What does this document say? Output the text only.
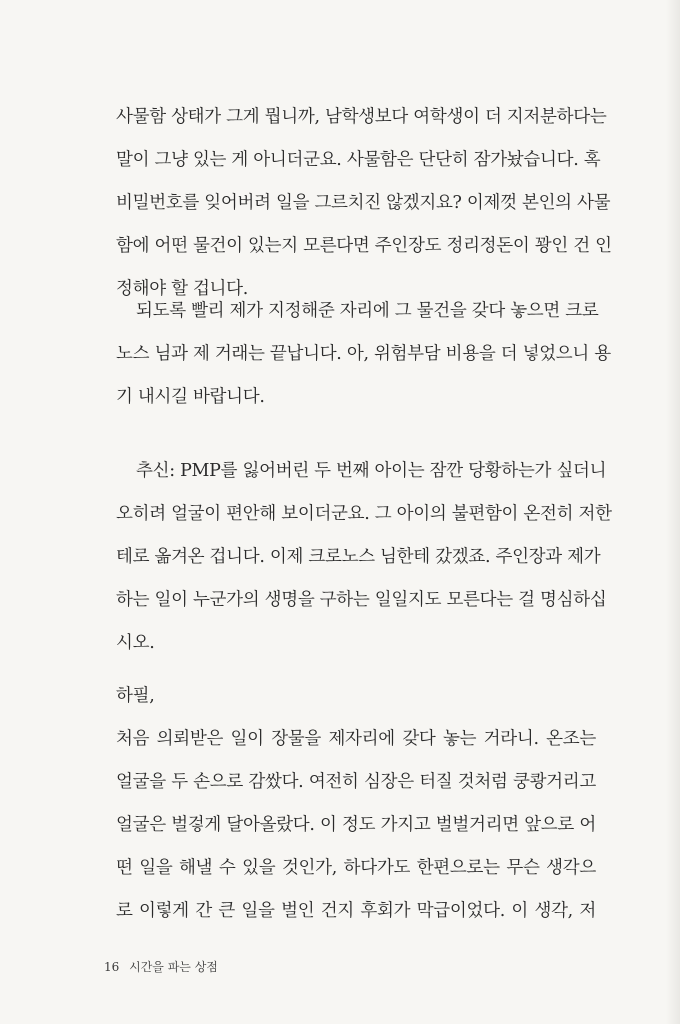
사물함 상태가 그게 뭡니까, 남학생보다 여학생이 더 지저분하다는
말이 그냥 있는 게 아니더군요. 사물함은 단단히 잠가놨습니다. 혹
비밀번호를 잊어버려 일을 그르치진 않겠지요? 이제껏 본인의 사물
함에 어떤 물건이 있는지 모른다면 주인장도 정리정돈이 꽝인 건 인
정해야 할 겁니다.
되도록 빨리 제가 지정해준 자리에 그 물건을 갖다 놓으면 크로
노스 님과 제 거래는 끝납니다. 아, 위험부담 비용을 더 넣었으니 용
기 내시길 바랍니다.
추신: PMP를 잃어버린 두 번째 아이는 잠깐 당황하는가 싶더니
오히려 얼굴이 편안해 보이더군요. 그 아이의 불편함이 온전히 저한
테로 옮겨온 겁니다. 이제 크로노스 님한테 갔겠죠. 주인장과 제가
하는 일이 누군가의 생명을 구하는 일일지도 모른다는 걸 명심하십
시오.
하필,
처음 의뢰받은 일이 장물을 제자리에 갖다 놓는 거라니. 온조는
얼굴을 두 손으로 감쌌다. 여전히 심장은 터질 것처럼 쿵쾅거리고
얼굴은 벌겋게 달아올랐다. 이 정도 가지고 벌벌거리면 앞으로 어
떤 일을 해낼 수 있을 것인가, 하다가도 한편으로는 무슨 생각으
로 이렇게 간 큰 일을 벌인 건지 후회가 막급이었다. 이 생각, 저
16 시간을 파는 상점
